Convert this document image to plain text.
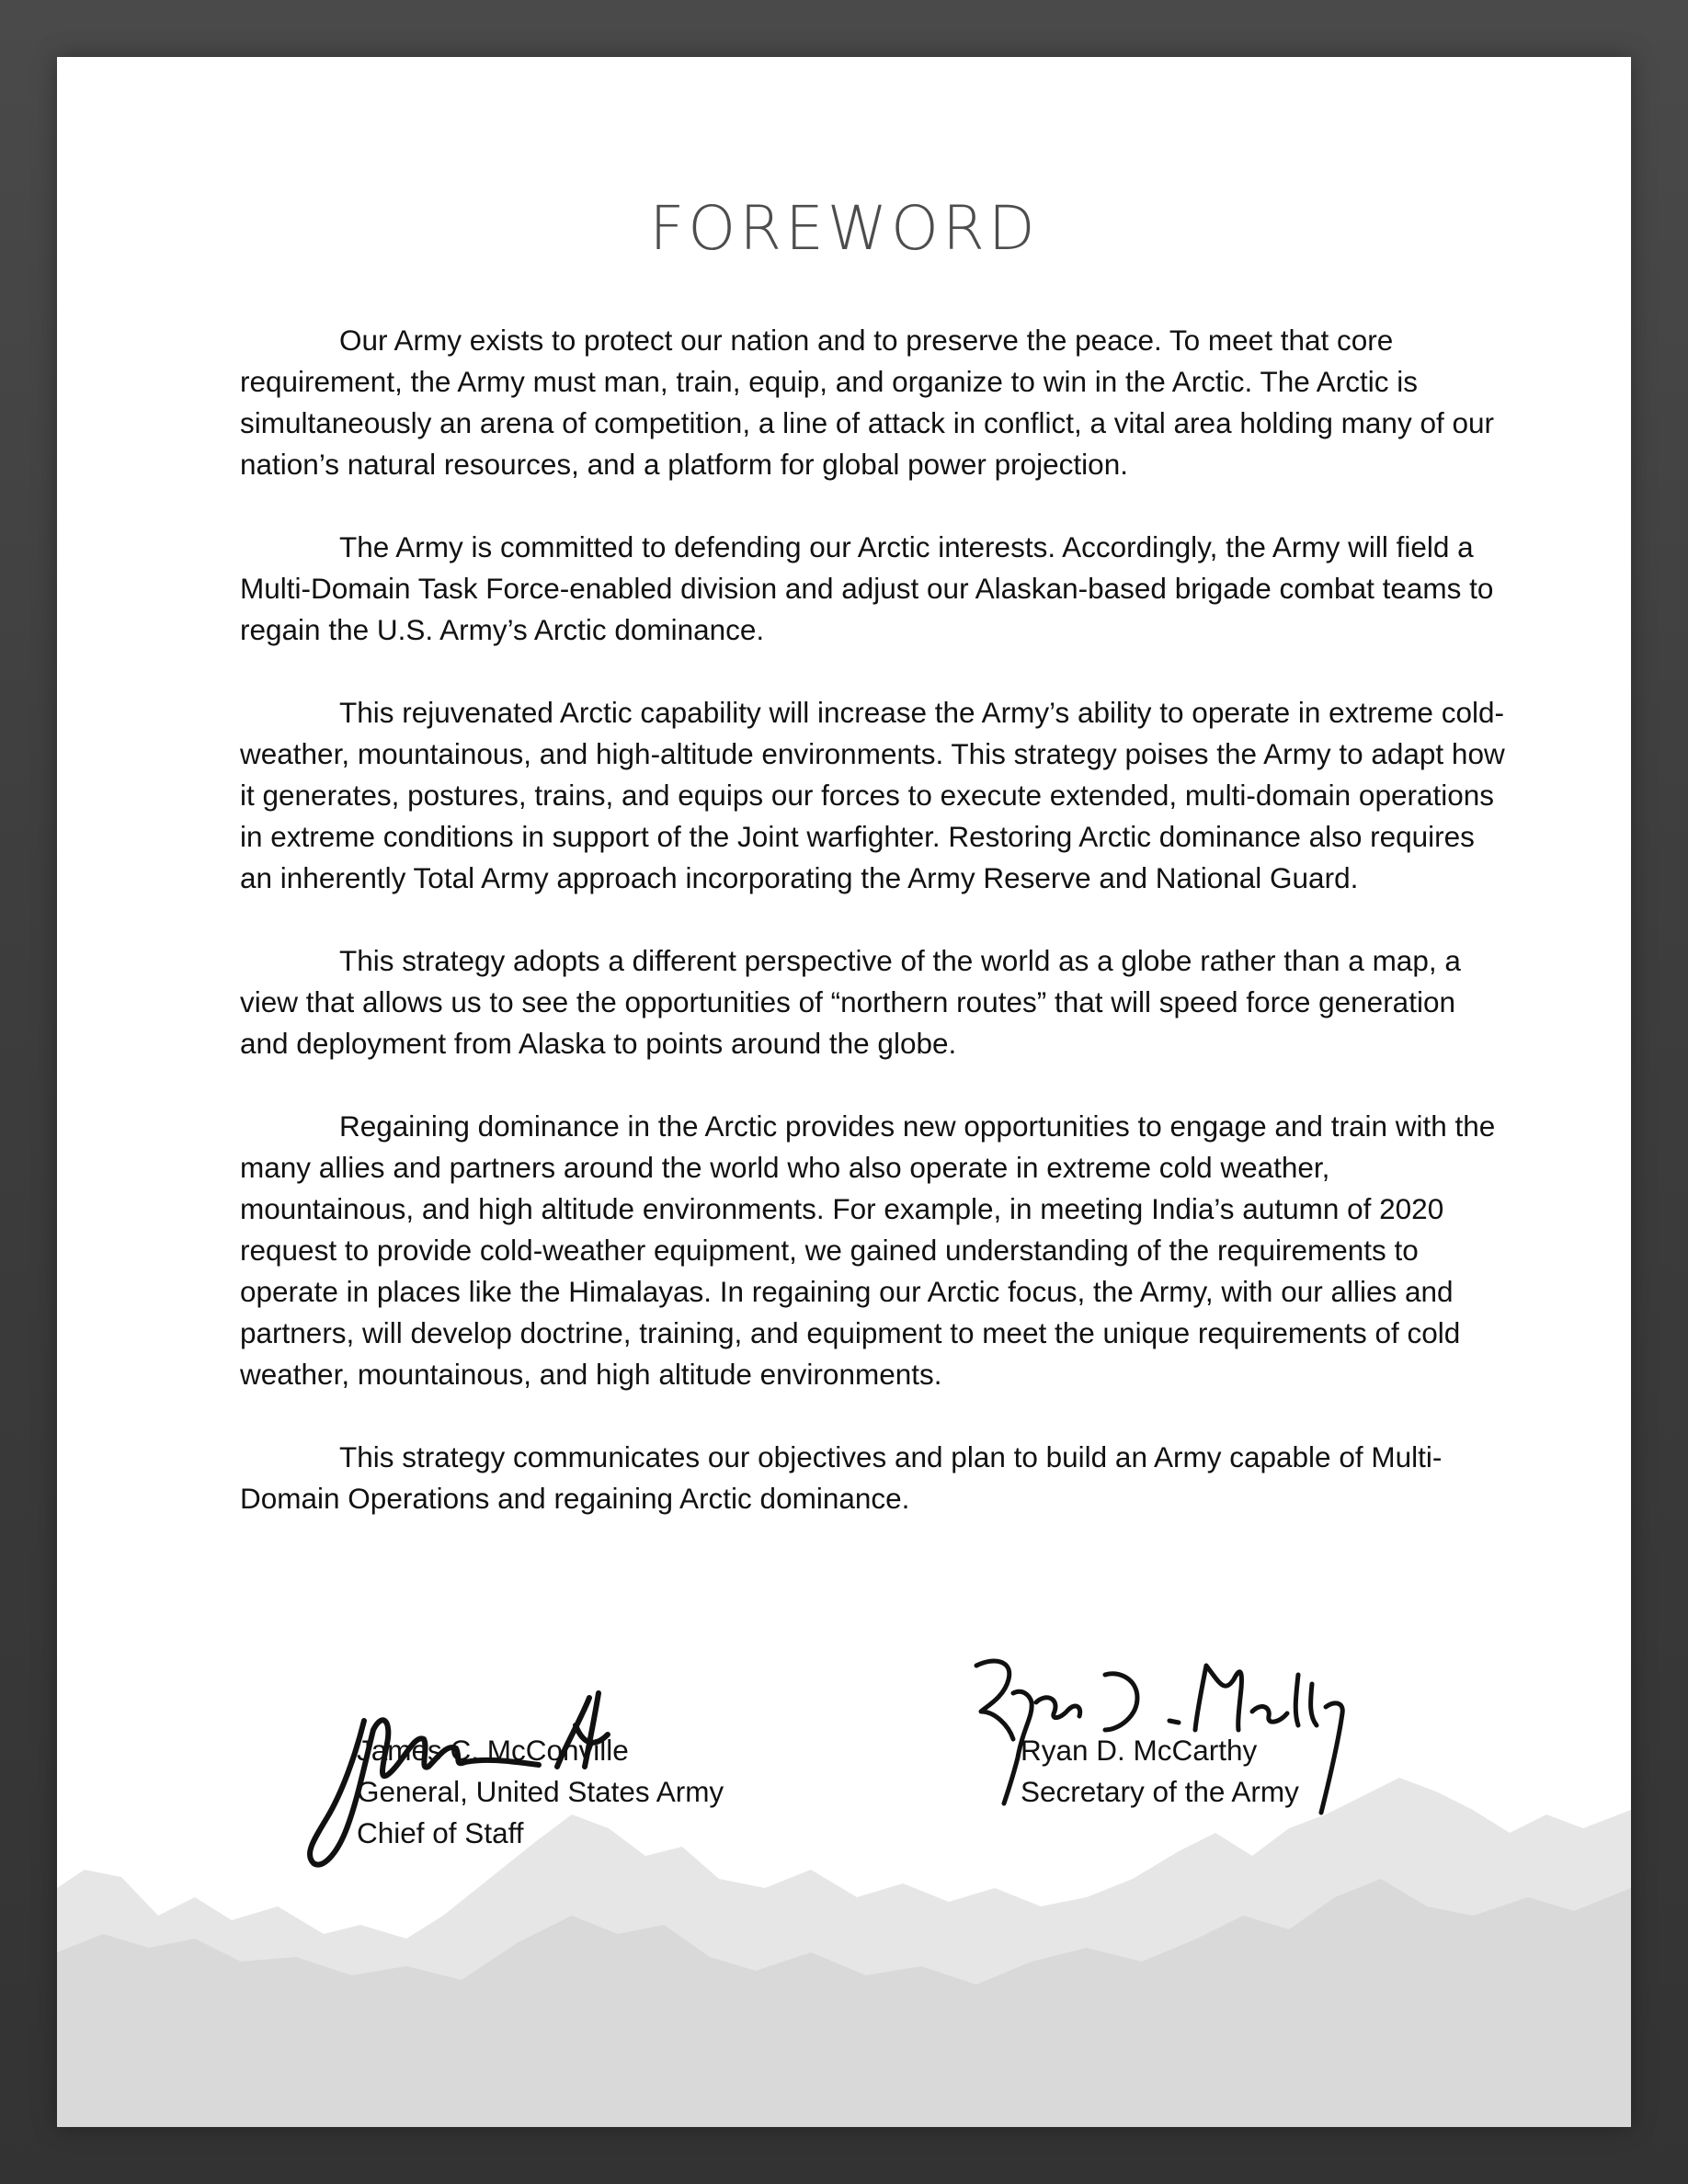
FOREWORD

Our Army exists to protect our nation and to preserve the peace. To meet that core requirement, the Army must man, train, equip, and organize to win in the Arctic. The Arctic is simultaneously an arena of competition, a line of attack in conflict, a vital area holding many of our nation’s natural resources, and a platform for global power projection.

The Army is committed to defending our Arctic interests. Accordingly, the Army will field a Multi-Domain Task Force-enabled division and adjust our Alaskan-based brigade combat teams to regain the U.S. Army’s Arctic dominance.

This rejuvenated Arctic capability will increase the Army’s ability to operate in extreme cold-weather, mountainous, and high-altitude environments. This strategy poises the Army to adapt how it generates, postures, trains, and equips our forces to execute extended, multi-domain operations in extreme conditions in support of the Joint warfighter. Restoring Arctic dominance also requires an inherently Total Army approach incorporating the Army Reserve and National Guard.

This strategy adopts a different perspective of the world as a globe rather than a map, a view that allows us to see the opportunities of “northern routes” that will speed force generation and deployment from Alaska to points around the globe.

Regaining dominance in the Arctic provides new opportunities to engage and train with the many allies and partners around the world who also operate in extreme cold weather, mountainous, and high altitude environments. For example, in meeting India’s autumn of 2020 request to provide cold-weather equipment, we gained understanding of the requirements to operate in places like the Himalayas. In regaining our Arctic focus, the Army, with our allies and partners, will develop doctrine, training, and equipment to meet the unique requirements of cold weather, mountainous, and high altitude environments.

This strategy communicates our objectives and plan to build an Army capable of Multi-Domain Operations and regaining Arctic dominance.

James C. McConville
General, United States Army
Chief of Staff
Ryan D. McCarthy
Secretary of the Army
